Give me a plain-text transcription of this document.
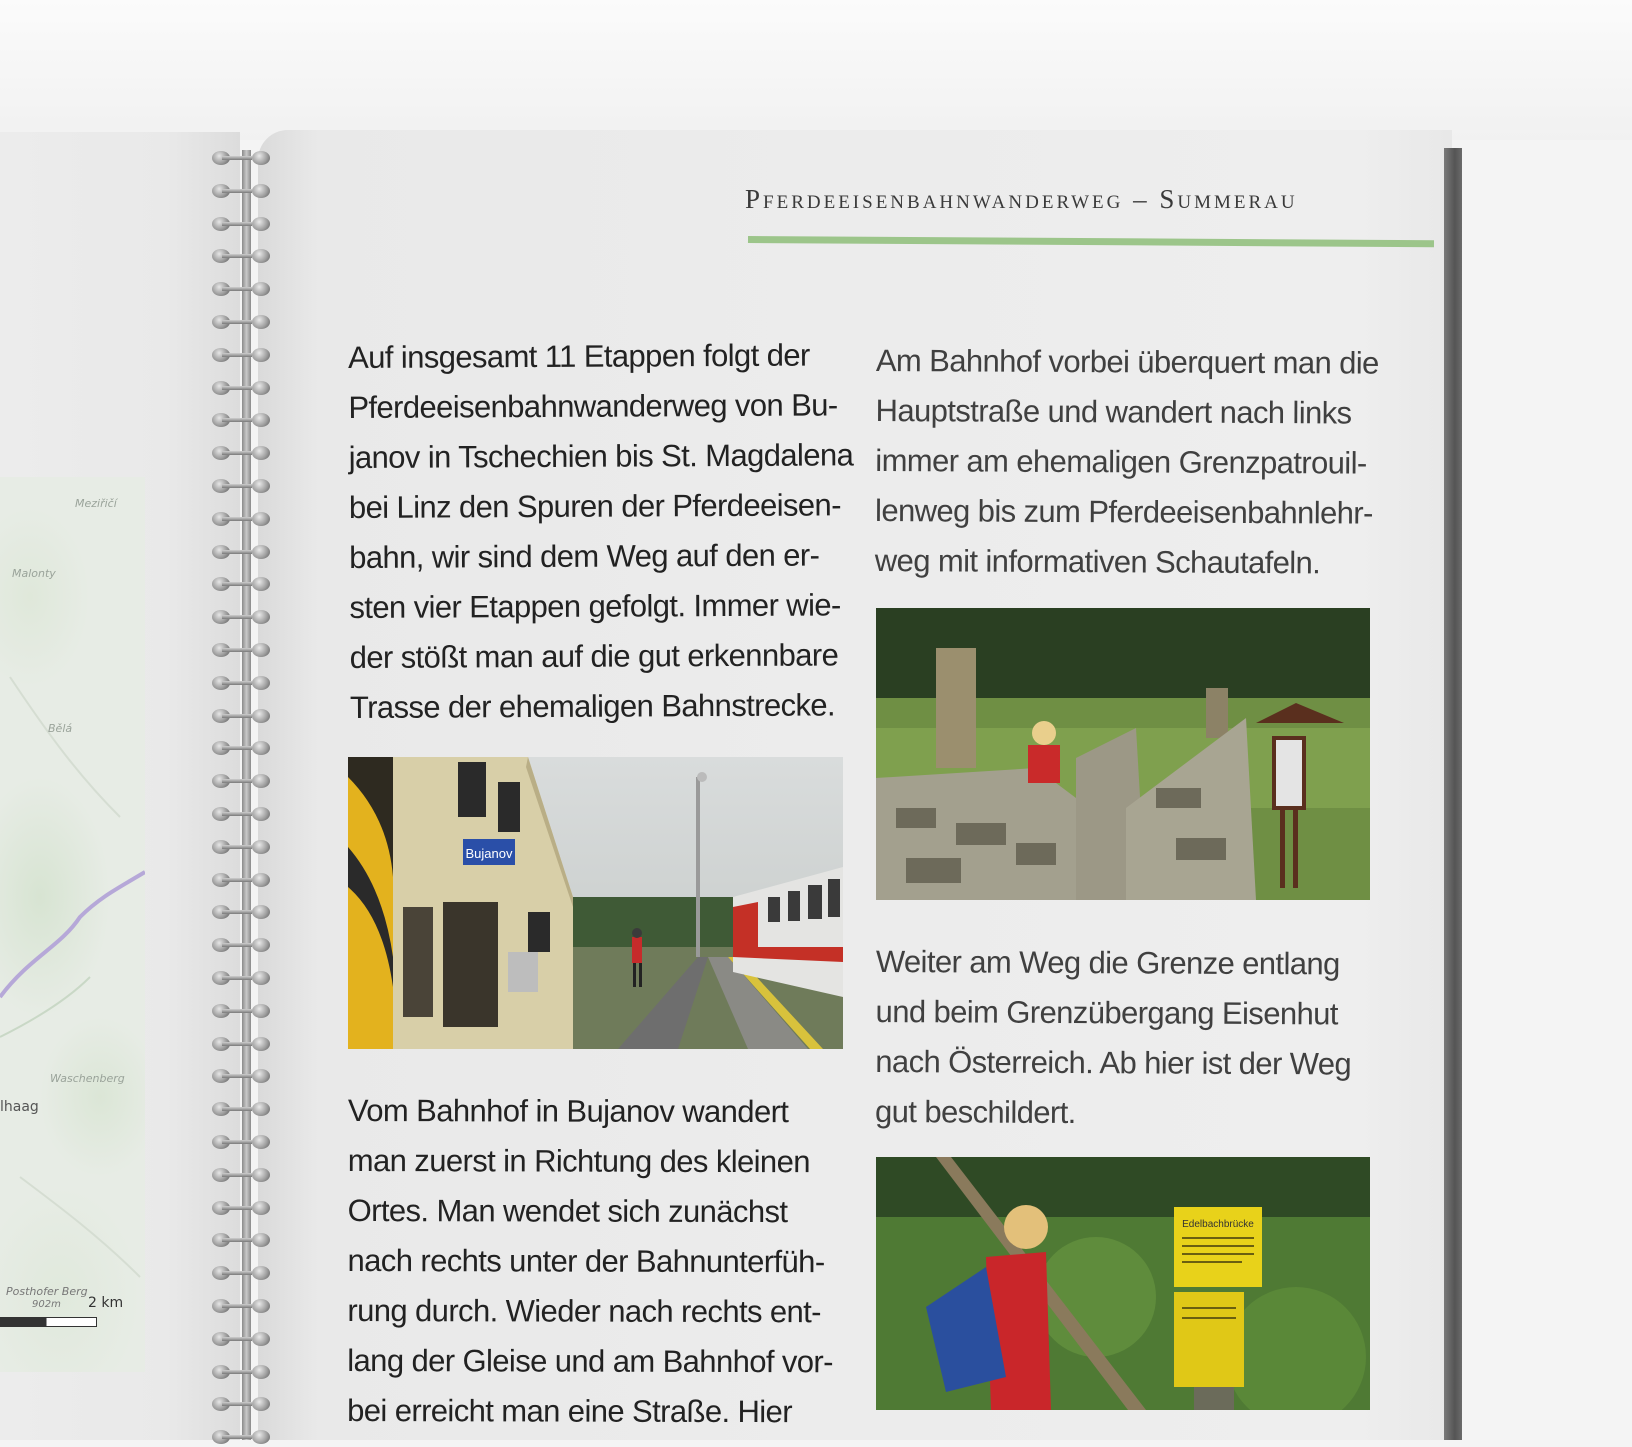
Meziřičí
Malonty
Bělá
Waschenberg
lhaag
Posthofer Berg
902m 2 km
Pferdeeisenbahnwanderweg – Summerau
Auf insgesamt 11 Etappen folgt der
Pferdeeisenbahnwanderweg von Bu-
janov in Tschechien bis St. Magdalena
bei Linz den Spuren der Pferdeeisen-
bahn, wir sind dem Weg auf den er-
sten vier Etappen gefolgt. Immer wie-
der stößt man auf die gut erkennbare
Trasse der ehemaligen Bahnstrecke.
Bujanov
Vom Bahnhof in Bujanov wandert
man zuerst in Richtung des kleinen
Ortes. Man wendet sich zunächst
nach rechts unter der Bahnunterfüh-
rung durch. Wieder nach rechts ent-
lang der Gleise und am Bahnhof vor-
bei erreicht man eine Straße. Hier
Am Bahnhof vorbei überquert man die
Hauptstraße und wandert nach links
immer am ehemaligen Grenzpatrouil-
lenweg bis zum Pferdeeisenbahnlehr-
weg mit informativen Schautafeln.
Weiter am Weg die Grenze entlang
und beim Grenzübergang Eisenhut
nach Österreich. Ab hier ist der Weg
gut beschildert.
Edelbachbrücke
